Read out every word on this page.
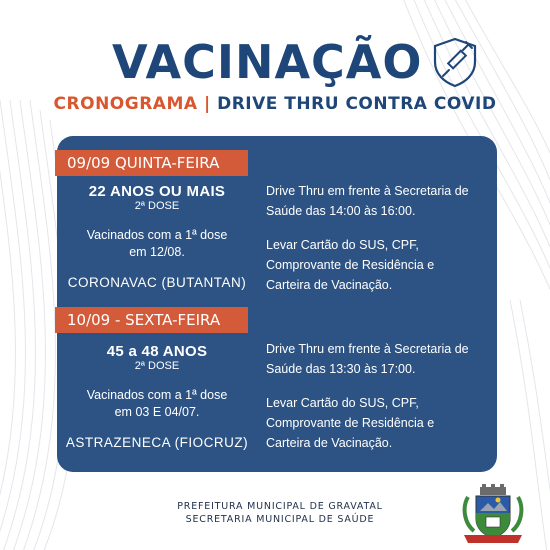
VACINAÇÃO
CRONOGRAMA | DRIVE THRU CONTRA COVID
09/09 QUINTA-FEIRA
22 ANOS OU MAIS
2ª DOSE
Vacinados com a 1ª dose
em 12/08.
CORONAVAC (BUTANTAN)
Drive Thru em frente à Secretaria de
Saúde das 14:00 às 16:00.
Levar Cartão do SUS, CPF,
Comprovante de Residência e
Carteira de Vacinação.
10/09 - SEXTA-FEIRA
45 a 48 ANOS
2ª DOSE
Vacinados com a 1ª dose
em 03 E 04/07.
ASTRAZENECA (FIOCRUZ)
Drive Thru em frente à Secretaria de
Saúde das 13:30 às 17:00.
Levar Cartão do SUS, CPF,
Comprovante de Residência e
Carteira de Vacinação.
PREFEITURA MUNICIPAL DE GRAVATAL
SECRETARIA MUNICIPAL DE SAÚDE
